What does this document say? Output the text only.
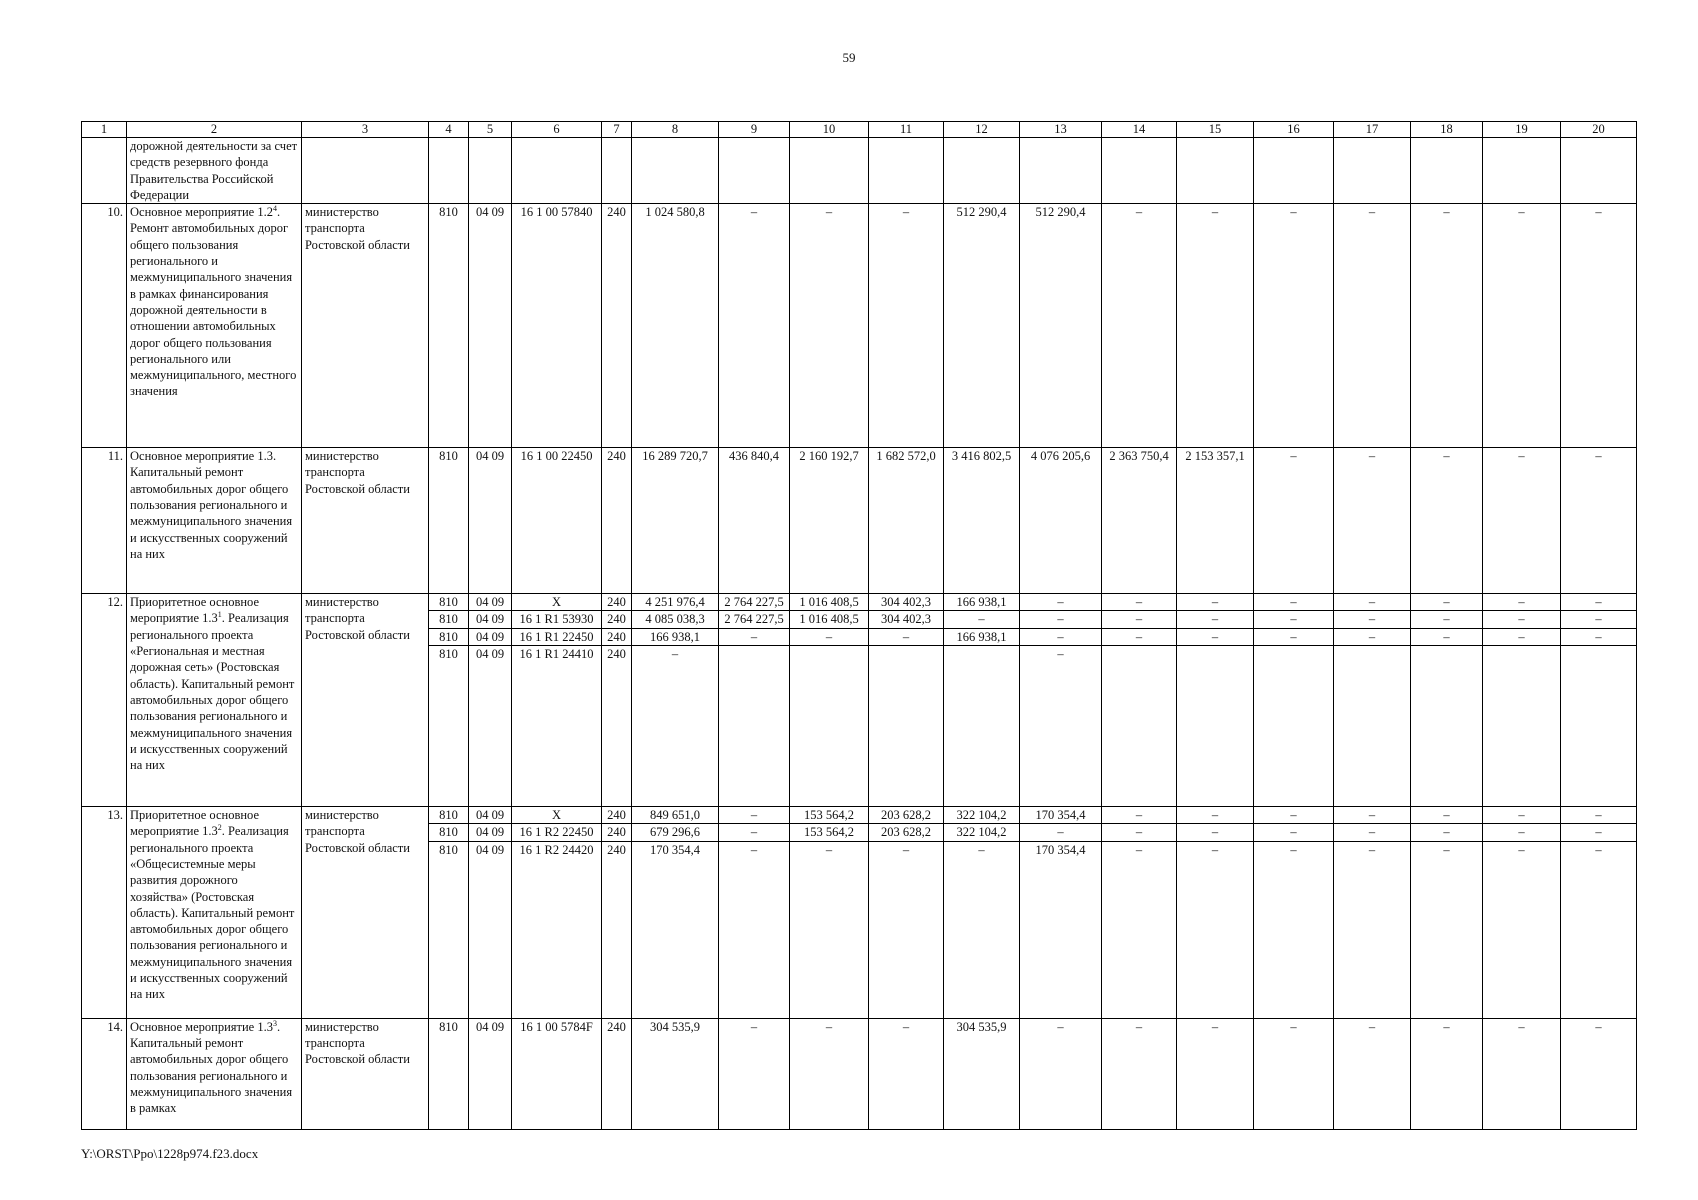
59
1	2	3	4	5	6	7	8	9	10	11	12	13	14	15	16	17	18	19	20
	дорожной деятельности за счет средств резервного фонда Правительства Российской Федерации																		
10.	Основное мероприятие $1.2^4$. Ремонт автомобильных дорог общего пользования регионального и межмуниципального значения в рамках финансирования дорожной деятельности в отношении автомобильных дорог общего пользования регионального или межмуниципального, местного значения	министерство транспорта Ростовской области	810	04 09	16 1 00 57840	240	1 024 580,8	–	–	–	512 290,4	512 290,4	–	–	–	–	–	–	–
11.	Основное мероприятие 1.3. Капитальный ремонт автомобильных дорог общего пользования регионального и межмуниципального значения и искусственных сооружений на них	министерство транспорта Ростовской области	810	04 09	16 1 00 22450	240	16 289 720,7	436 840,4	2 160 192,7	1 682 572,0	3 416 802,5	4 076 205,6	2 363 750,4	2 153 357,1	–	–	–	–	–
12.	Приоритетное основное мероприятие $1.3^1$. Реализация регионального проекта «Региональная и местная дорожная сеть» (Ростовская область). Капитальный ремонт автомобильных дорог общего пользования регионального и межмуниципального значения и искусственных сооружений на них	министерство транспорта Ростовской области	810	04 09	X	240	4 251 976,4	2 764 227,5	1 016 408,5	304 402,3	166 938,1	–	–	–	–	–	–	–	–
			810	04 09	16 1 R1 53930	240	4 085 038,3	2 764 227,5	1 016 408,5	304 402,3	–	–	–	–	–	–	–	–	–
			810	04 09	16 1 R1 22450	240	166 938,1	–	–	–	166 938,1	–	–	–	–	–	–	–	–
			810	04 09	16 1 R1 24410	240	–					–							
13.	Приоритетное основное мероприятие $1.3^2$. Реализация регионального проекта «Общесистемные меры развития дорожного хозяйства» (Ростовская область). Капитальный ремонт автомобильных дорог общего пользования регионального и межмуниципального значения и искусственных сооружений на них	министерство транспорта Ростовской области	810	04 09	X	240	849 651,0	–	153 564,2	203 628,2	322 104,2	170 354,4	–	–	–	–	–	–	–
			810	04 09	16 1 R2 22450	240	679 296,6	–	153 564,2	203 628,2	322 104,2	–	–	–	–	–	–	–	–
			810	04 09	16 1 R2 24420	240	170 354,4	–	–	–	–	170 354,4	–	–	–	–	–	–	–
14.	Основное мероприятие $1.3^3$. Капитальный ремонт автомобильных дорог общего пользования регионального и межмуниципального значения в рамках	министерство транспорта Ростовской области	810	04 09	16 1 00 5784F	240	304 535,9	–	–	–	304 535,9	–	–	–	–	–	–	–	–
Y:\ORST\Ppo\1228p974.f23.docx
